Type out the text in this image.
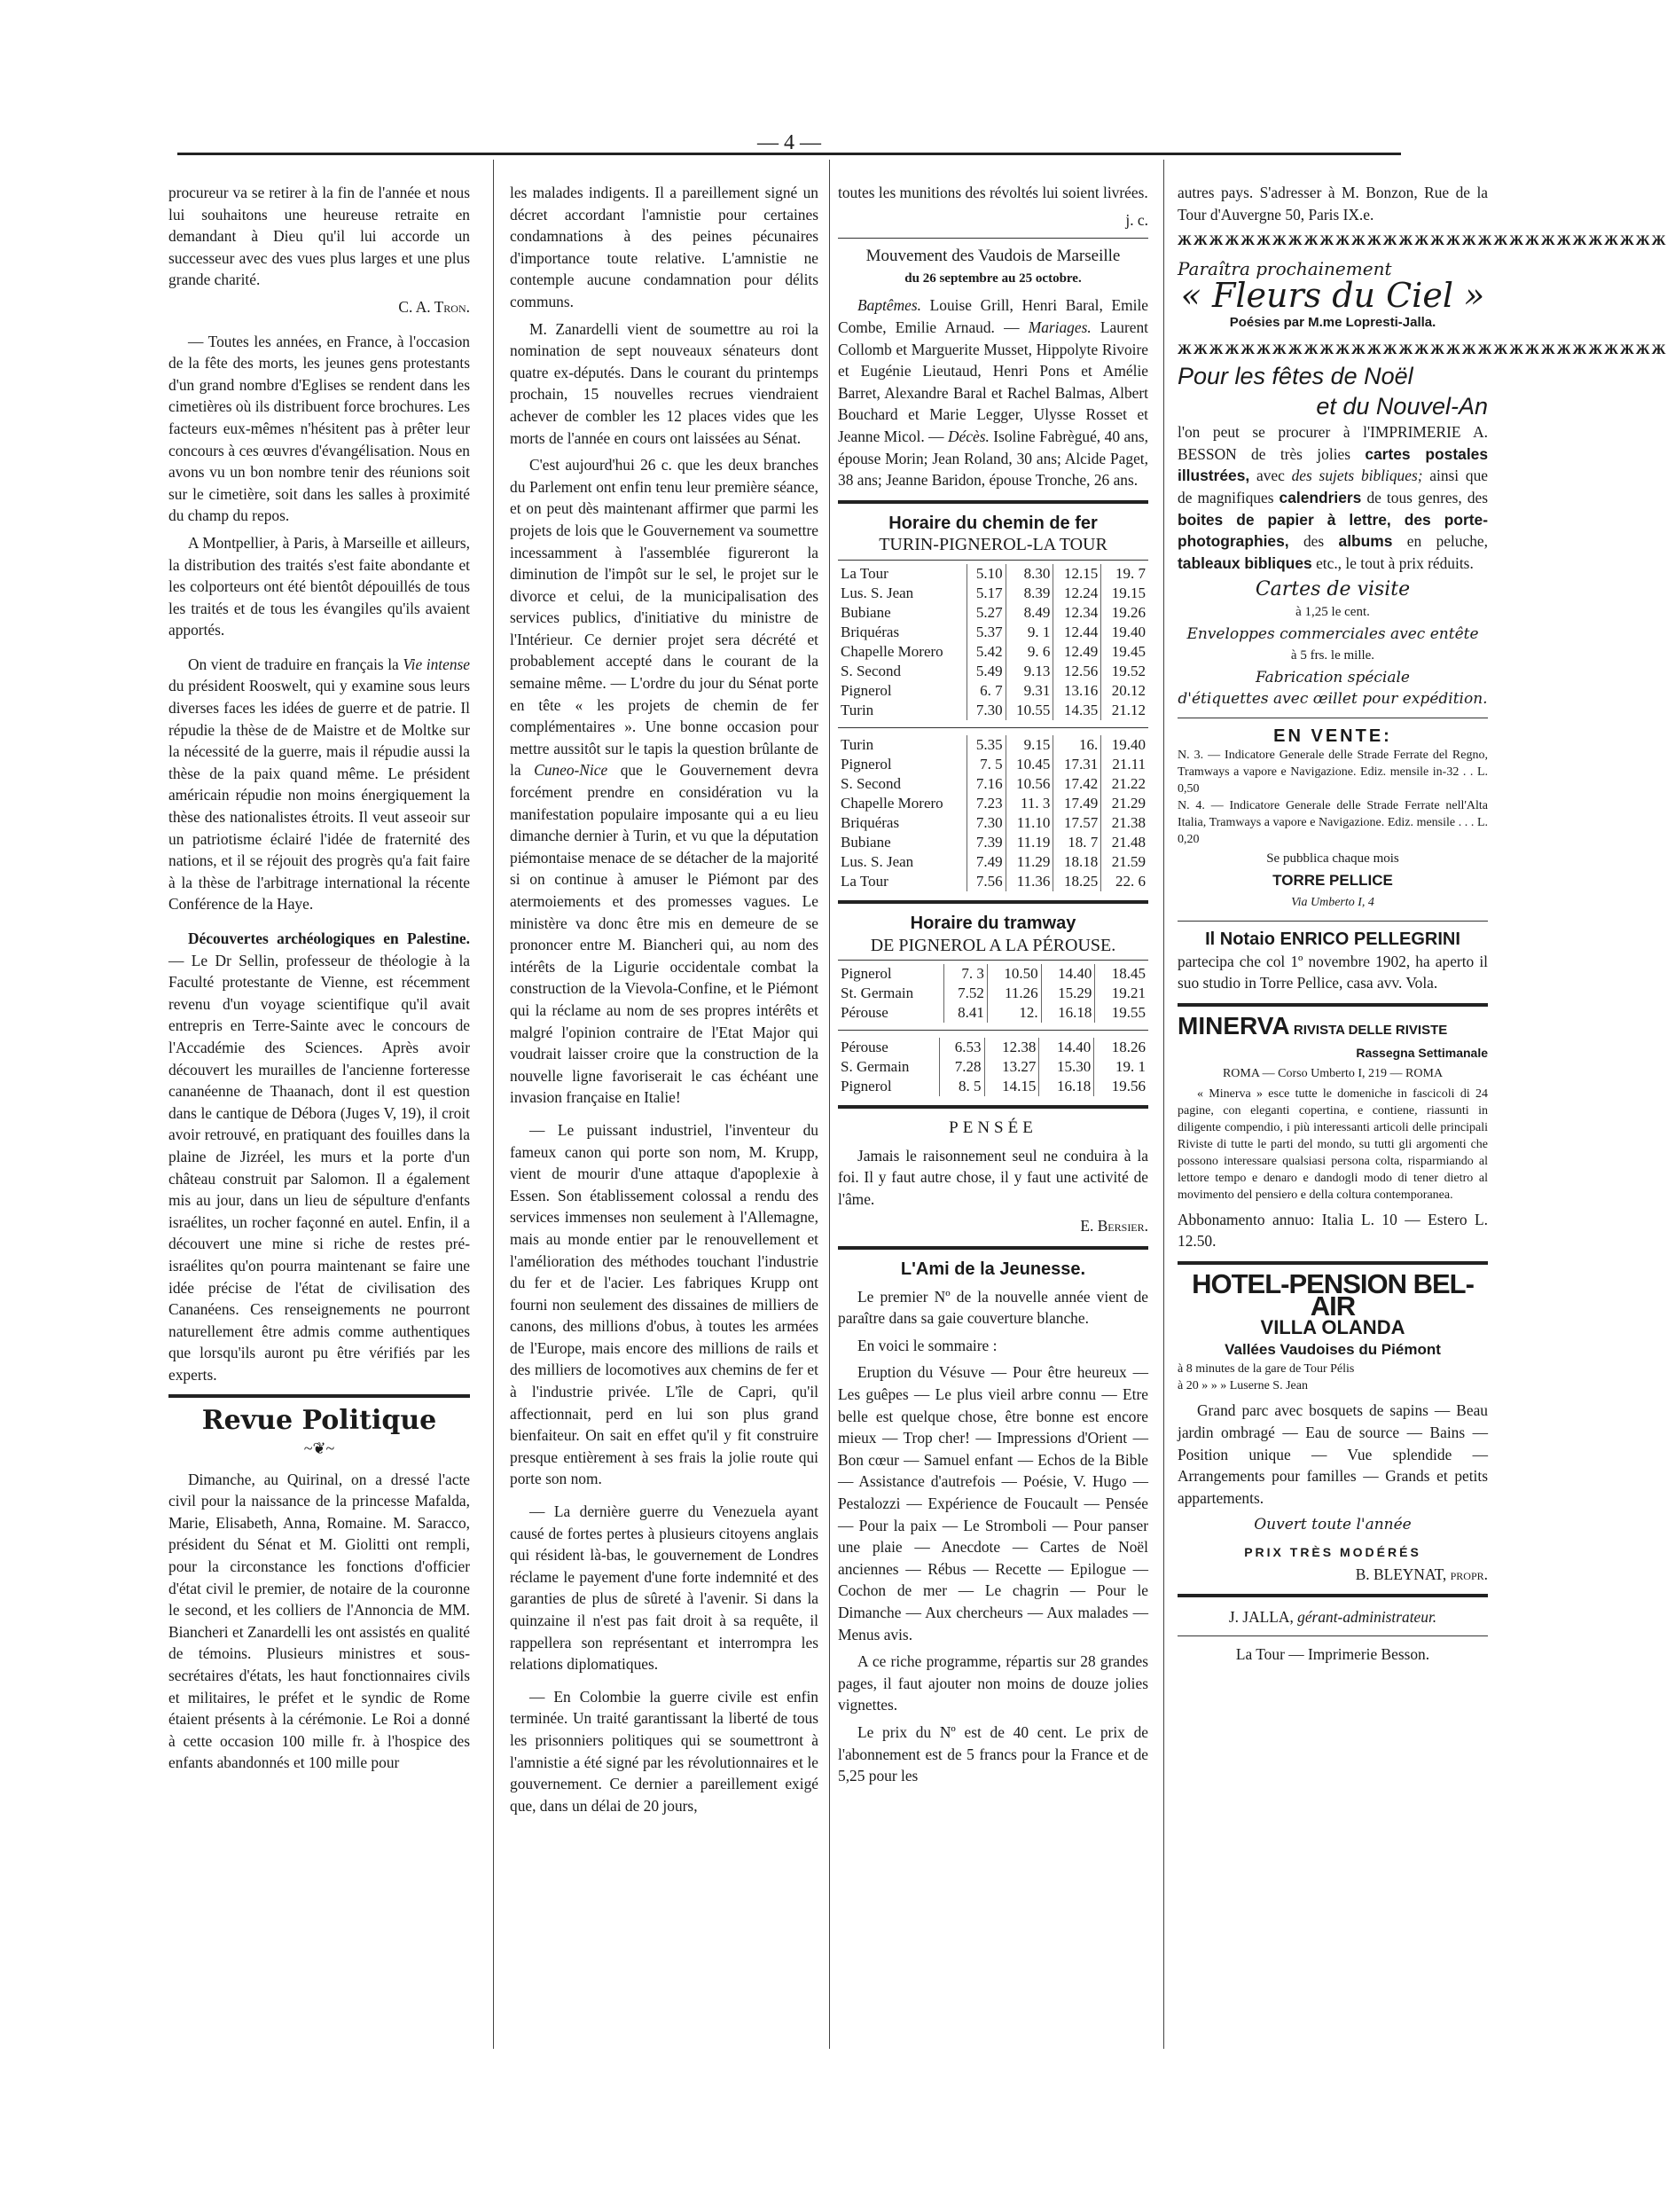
— 4 —

procureur va se retirer à la fin de l'année et nous lui souhaitons une heureuse retraite en demandant à Dieu qu'il lui accorde un successeur avec des vues plus larges et une plus grande charité.

C. A. Tron.

— Toutes les années, en France, à l'occasion de la fête des morts, les jeunes gens protestants d'un grand nombre d'Eglises se rendent dans les cimetières où ils distribuent force brochures. Les facteurs eux-mêmes n'hésitent pas à prêter leur concours à ces œuvres d'évangélisation. Nous en avons vu un bon nombre tenir des réunions soit sur le cimetière, soit dans les salles à proximité du champ du repos.

A Montpellier, à Paris, à Marseille et ailleurs, la distribution des traités s'est faite abondante et les colporteurs ont été bientôt dépouillés de tous les traités et de tous les évangiles qu'ils avaient apportés.

On vient de traduire en français la Vie intense du président Rooswelt, qui y examine sous leurs diverses faces les idées de guerre et de patrie. Il répudie la thèse de de Maistre et de Moltke sur la nécessité de la guerre, mais il répudie aussi la thèse de la paix quand même. Le président américain répudie non moins énergiquement la thèse des nationalistes étroits. Il veut asseoir sur un patriotisme éclairé l'idée de fraternité des nations, et il se réjouit des progrès qu'a fait faire à la thèse de l'arbitrage international la récente Conférence de la Haye.

Découvertes archéologiques en Palestine. — Le Dr Sellin, professeur de théologie à la Faculté protestante de Vienne, est récemment revenu d'un voyage scientifique qu'il avait entrepris en Terre-Sainte avec le concours de l'Accadémie des Sciences. Après avoir découvert les murailles de l'ancienne forteresse cananéenne de Thaanach, dont il est question dans le cantique de Débora (Juges V, 19), il croit avoir retrouvé, en pratiquant des fouilles dans la plaine de Jizréel, les murs et la porte d'un château construit par Salomon. Il a également mis au jour, dans un lieu de sépulture d'enfants israélites, un rocher façonné en autel. Enfin, il a découvert une mine si riche de restes pré-israélites qu'on pourra maintenant se faire une idée précise de l'état de civilisation des Cananéens. Ces renseignements ne pourront naturellement être admis comme authentiques que lorsqu'ils auront pu être vérifiés par les experts.

Revue Politique
~❦~

Dimanche, au Quirinal, on a dressé l'acte civil pour la naissance de la princesse Mafalda, Marie, Elisabeth, Anna, Romaine. M. Saracco, président du Sénat et M. Giolitti ont rempli, pour la circonstance les fonctions d'officier d'état civil le premier, de notaire de la couronne le second, et les colliers de l'Annoncia de MM. Biancheri et Zanardelli les ont assistés en qualité de témoins. Plusieurs ministres et sous-secrétaires d'états, les haut fonctionnaires civils et militaires, le préfet et le syndic de Rome étaient présents à la cérémonie. Le Roi a donné à cette occasion 100 mille fr. à l'hospice des enfants abandonnés et 100 mille pour

les malades indigents. Il a pareillement signé un décret accordant l'amnistie pour certaines condamnations à des peines pécunaires d'importance toute relative. L'amnistie ne contemple aucune condamnation pour délits communs.

M. Zanardelli vient de soumettre au roi la nomination de sept nouveaux sénateurs dont quatre ex-députés. Dans le courant du printemps prochain, 15 nouvelles recrues viendraient achever de combler les 12 places vides que les morts de l'année en cours ont laissées au Sénat.

C'est aujourd'hui 26 c. que les deux branches du Parlement ont enfin tenu leur première séance, et on peut dès maintenant affirmer que parmi les projets de lois que le Gouvernement va soumettre incessamment à l'assemblée figureront la diminution de l'impôt sur le sel, le projet sur le divorce et celui, de la municipalisation des services publics, d'initiative du ministre de l'Intérieur. Ce dernier projet sera décrété et probablement accepté dans le courant de la semaine même. — L'ordre du jour du Sénat porte en tête « les projets de chemin de fer complémentaires ». Une bonne occasion pour mettre aussitôt sur le tapis la question brûlante de la Cuneo-Nice que le Gouvernement devra forcément prendre en considération vu la manifestation populaire imposante qui a eu lieu dimanche dernier à Turin, et vu que la députation piémontaise menace de se détacher de la majorité si on continue à amuser le Piémont par des atermoiements et des promesses vagues. Le ministère va donc être mis en demeure de se prononcer entre M. Biancheri qui, au nom des intérêts de la Ligurie occidentale combat la construction de la Vievola-Confine, et le Piémont qui la réclame au nom de ses propres intérêts et malgré l'opinion contraire de l'Etat Major qui voudrait laisser croire que la construction de la nouvelle ligne favoriserait le cas échéant une invasion française en Italie!

— Le puissant industriel, l'inventeur du fameux canon qui porte son nom, M. Krupp, vient de mourir d'une attaque d'apoplexie à Essen. Son établissement colossal a rendu des services immenses non seulement à l'Allemagne, mais au monde entier par le renouvellement et l'amélioration des méthodes touchant l'industrie du fer et de l'acier. Les fabriques Krupp ont fourni non seulement des dissaines de milliers de canons, des millions d'obus, à toutes les armées de l'Europe, mais encore des millions de rails et des milliers de locomotives aux chemins de fer et à l'industrie privée. L'île de Capri, qu'il affectionnait, perd en lui son plus grand bienfaiteur. On sait en effet qu'il y fit construire presque entièrement à ses frais la jolie route qui porte son nom.

— La dernière guerre du Venezuela ayant causé de fortes pertes à plusieurs citoyens anglais qui résident là-bas, le gouvernement de Londres réclame le payement d'une forte indemnité et des garanties de plus de sûreté à l'avenir. Si dans la quinzaine il n'est pas fait droit à sa requête, il rappellera son représentant et interrompra les relations diplomatiques.

— En Colombie la guerre civile est enfin terminée. Un traité garantissant la liberté de tous les prisonniers politiques qui se soumettront à l'amnistie a été signé par les révolutionnaires et le gouvernement. Ce dernier a pareillement exigé que, dans un délai de 20 jours,

toutes les munitions des révoltés lui soient livrées.

j. c.

Mouvement des Vaudois de Marseille
du 26 septembre au 25 octobre.

Baptêmes. Louise Grill, Henri Baral, Emile Combe, Emilie Arnaud. — Mariages. Laurent Collomb et Marguerite Musset, Hippolyte Rivoire et Eugénie Lieutaud, Henri Pons et Amélie Barret, Alexandre Baral et Rachel Balmas, Albert Bouchard et Marie Legger, Ulysse Rosset et Jeanne Micol. — Décès. Isoline Fabrègué, 40 ans, épouse Morin; Jean Roland, 30 ans; Alcide Paget, 38 ans; Jeanne Baridon, épouse Tronche, 26 ans.

Horaire du chemin de fer
TURIN-PIGNEROL-LA TOUR
La Tour	5.10	8.30	12.15	19. 7
Lus. S. Jean	5.17	8.39	12.24	19.15
Bubiane	5.27	8.49	12.34	19.26
Briquéras	5.37	9. 1	12.44	19.40
Chapelle Morero	5.42	9. 6	12.49	19.45
S. Second	5.49	9.13	12.56	19.52
Pignerol	6. 7	9.31	13.16	20.12
Turin	7.30	10.55	14.35	21.12
Turin	5.35	9.15	16.	19.40
Pignerol	7. 5	10.45	17.31	21.11
S. Second	7.16	10.56	17.42	21.22
Chapelle Morero	7.23	11. 3	17.49	21.29
Briquéras	7.30	11.10	17.57	21.38
Bubiane	7.39	11.19	18. 7	21.48
Lus. S. Jean	7.49	11.29	18.18	21.59
La Tour	7.56	11.36	18.25	22. 6
Horaire du tramway
DE PIGNEROL A LA PÉROUSE.
Pignerol	7. 3	10.50	14.40	18.45
St. Germain	7.52	11.26	15.29	19.21
Pérouse	8.41	12.	16.18	19.55
Pérouse	6.53	12.38	14.40	18.26
S. Germain	7.28	13.27	15.30	19. 1
Pignerol	8. 5	14.15	16.18	19.56
PENSÉE

Jamais le raisonnement seul ne conduira à la foi. Il y faut autre chose, il y faut une activité de l'âme.

E. Bersier.

L'Ami de la Jeunesse.

Le premier Nº de la nouvelle année vient de paraître dans sa gaie couverture blanche.

En voici le sommaire :

Eruption du Vésuve — Pour être heureux — Les guêpes — Le plus vieil arbre connu — Etre belle est quelque chose, être bonne est encore mieux — Trop cher! — Impressions d'Orient — Bon cœur — Samuel enfant — Echos de la Bible — Assistance d'autrefois — Poésie, V. Hugo — Pestalozzi — Expérience de Foucault — Pensée — Pour la paix — Le Stromboli — Pour panser une plaie — Anecdote — Cartes de Noël anciennes — Rébus — Recette — Epilogue — Cochon de mer — Le chagrin — Pour le Dimanche — Aux chercheurs — Aux malades — Menus avis.

A ce riche programme, répartis sur 28 grandes pages, il faut ajouter non moins de douze jolies vignettes.

Le prix du Nº est de 40 cent. Le prix de l'abonnement est de 5 francs pour la France et de 5,25 pour les

autres pays. S'adresser à M. Bonzon, Rue de la Tour d'Auvergne 50, Paris IX.e.

ЖЖЖЖЖЖЖЖЖЖЖЖЖЖЖЖЖЖЖЖЖЖЖЖЖЖЖЖЖЖЖ
Paraîtra prochainement
« Fleurs du Ciel »
Poésies par M.me Lopresti-Jalla.
ЖЖЖЖЖЖЖЖЖЖЖЖЖЖЖЖЖЖЖЖЖЖЖЖЖЖЖЖЖЖЖ
Pour les fêtes de Noël
et du Nouvel-An

l'on peut se procurer à l'IMPRIMERIE A. BESSON de très jolies cartes postales illustrées, avec des sujets bibliques; ainsi que de magnifiques calendriers de tous genres, des boites de papier à lettre, des porte-photographies, des albums en peluche, tableaux bibliques etc., le tout à prix réduits.

Cartes de visite
à 1,25 le cent.
Enveloppes commerciales avec entête
à 5 frs. le mille.
Fabrication spéciale
d'étiquettes avec œillet pour expédition.
EN VENTE:
N. 3. — Indicatore Generale delle Strade Ferrate del Regno, Tramways a vapore e Navigazione. Ediz. mensile in-32 . . L. 0,50
N. 4. — Indicatore Generale delle Strade Ferrate nell'Alta Italia, Tramways a vapore e Navigazione. Ediz. mensile . . . L. 0,20
Se pubblica chaque mois
TORRE PELLICE
Via Umberto I, 4
Il Notaio ENRICO PELLEGRINI

partecipa che col 1º novembre 1902, ha aperto il suo studio in Torre Pellice, casa avv. Vola.

MINERVA RIVISTA DELLE RIVISTE
Rassegna Settimanale
ROMA — Corso Umberto I, 219 — ROMA

« Minerva » esce tutte le domeniche in fascicoli di 24 pagine, con eleganti copertina, e contiene, riassunti in diligente compendio, i più interessanti articoli delle principali Riviste di tutte le parti del mondo, su tutti gli argomenti che possono interessare qualsiasi persona colta, risparmiando al lettore tempo e denaro e dandogli modo di tener dietro al movimento del pensiero e della coltura contemporanea.

Abbonamento annuo: Italia L. 10 — Estero L. 12.50.

HOTEL-PENSION BEL-AIR
VILLA OLANDA
Vallées Vaudoises du Piémont
à 8 minutes de la gare de Tour Pélis
à 20 » » » Luserne S. Jean

Grand parc avec bosquets de sapins — Beau jardin ombragé — Eau de source — Bains — Position unique — Vue splendide — Arrangements pour familles — Grands et petits appartements.

Ouvert toute l'année
PRIX TRÈS MODÉRÉS
B. BLEYNAT, propr.
J. JALLA, gérant-administrateur.
La Tour — Imprimerie Besson.
